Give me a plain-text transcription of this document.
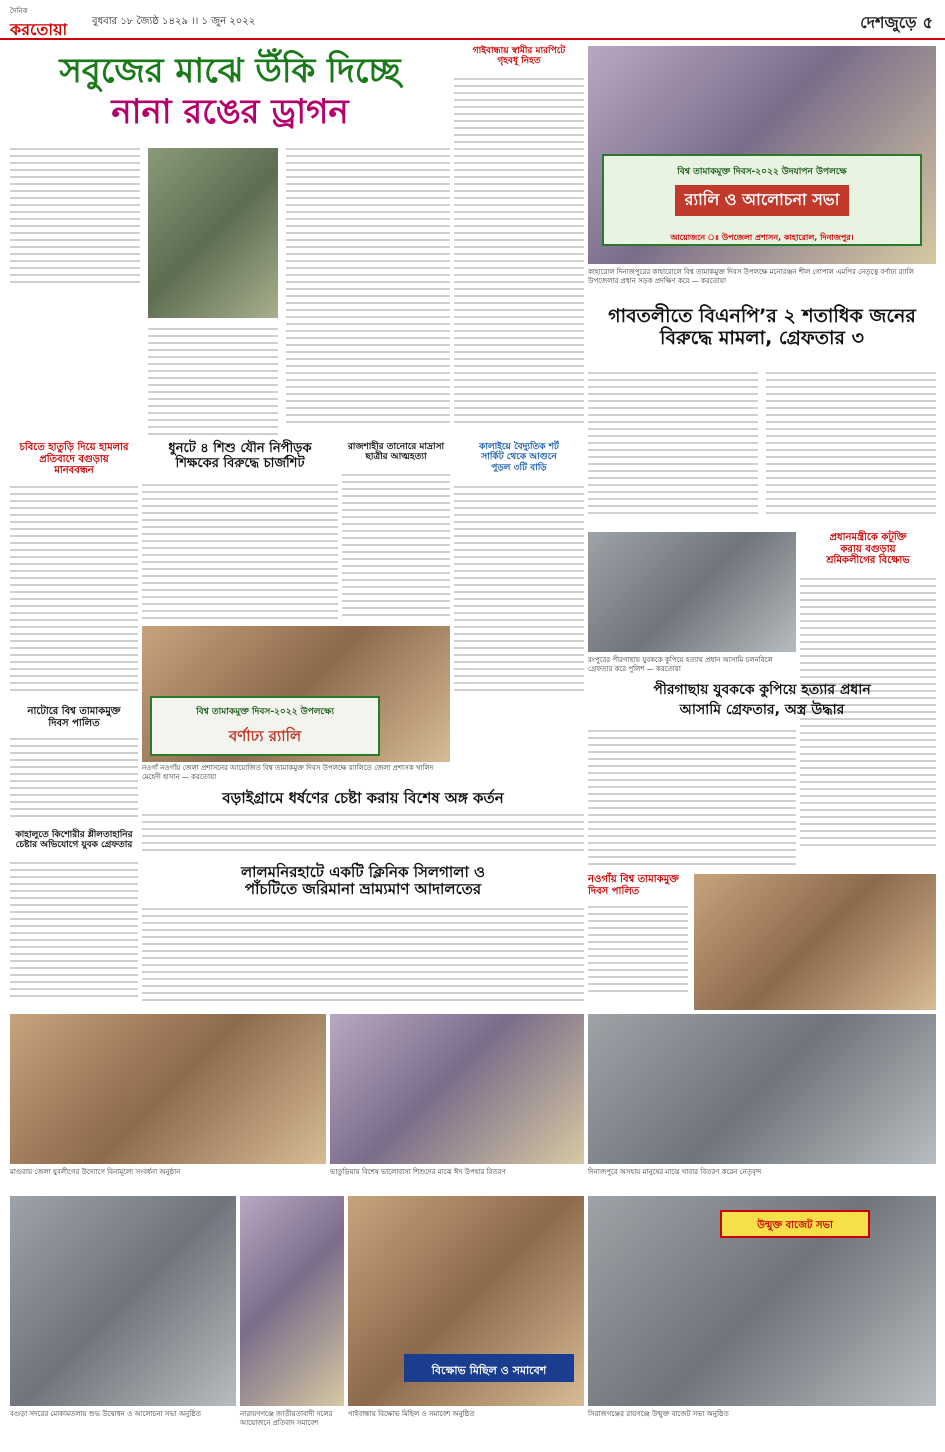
দৈনিক
করতোয়া	বুধবার ১৮ জ্যৈষ্ঠ ১৪২৯ ।। ১ জুন ২০২২	দেশজুড়ে ৫
সবুজের মাঝে উঁকি দিচ্ছে
নানা রঙের ড্রাগন
চবিতে হাতুড়ি দিয়ে হামলার
প্রতিবাদে বগুড়ায়
মানববন্ধন
ধুনটে ৪ শিশু যৌন নিপীড়ক
শিক্ষকের বিরুদ্ধে চার্জশিট
রাজশাহীর তানোরে মাদ্রাসা
ছাত্রীর আত্মহত্যা
গাইবান্ধায় স্বামীর মারপিটে
গৃহবধূ নিহত
কালাইয়ে বৈদ্যুতিক শর্ট
সার্কিট থেকে আগুনে
পুড়ল ৩টি বাড়ি
বিশ্ব তামাকমুক্ত দিবস-২০২২ উদযাপন উপলক্ষে
র‍্যালি ও আলোচনা সভা
আয়োজনে ঃ উপজেলা প্রশাসন, কাহারোল, দিনাজপুর।
কাহারোল দিনাজপুরের কাহারোলে বিশ্ব তামাকমুক্ত দিবস উপলক্ষে মনোরঞ্জন শীল গোপাল এমপির নেতৃত্বে বর্ণাঢ্য র‍্যালি উপজেলার প্রধান সড়ক প্রদক্ষিণ করে — করতোয়া
গাবতলীতে বিএনপি’র ২ শতাধিক জনের
বিরুদ্ধে মামলা, গ্রেফতার ৩
প্রধানমন্ত্রীকে কটূক্তি
করায় বগুড়ায়
শ্রমিকলীগের বিক্ষোভ
রংপুরের পীরগাছায় যুবককে কুপিয়ে হত্যায় প্রধান আসামি চলনবিলে গ্রেফতার করে পুলিশ — করতোয়া
পীরগাছায় যুবককে কুপিয়ে হত্যার প্রধান
আসামি গ্রেফতার, অস্ত্র উদ্ধার
নাটোরে বিশ্ব তামাকমুক্ত
দিবস পালিত
কাহালুতে কিশোরীর শ্লীলতাহানির
চেষ্টার অভিযোগে যুবক গ্রেফতার
বিশ্ব তামাকমুক্ত দিবস-২০২২ উপলক্ষ্যে
বর্ণাঢ্য র‍্যালি
নওগাঁ নওগাঁয় জেলা প্রশাসনের আয়োজিত বিশ্ব তামাকমুক্ত দিবস উপলক্ষে র‍্যালিতে জেলা প্রশাসক খালিদ মেহেদী হাসান — করতোয়া
বড়াইগ্রামে ধর্ষণের চেষ্টা করায় বিশেষ অঙ্গ কর্তন
লালমনিরহাটে একটি ক্লিনিক সিলগালা ও
পাঁচটিতে জরিমানা ভ্রাম্যমাণ আদালতের
নওগাঁয় বিশ্ব তামাকমুক্ত
দিবস পালিত
মাগুরায় জেলা যুবলীগের উদ্যোগে বিনামূল্যে সংবর্ধনা অনুষ্ঠান	ভাতুড়িয়ায় বিশেষ ভালোবাসা শিশুদের মাঝে ঈদ উপহার বিতরণ	দিনাজপুরে অসহায় মানুষের মাঝে খাবার বিতরণ করেন নেতৃবৃন্দ
বগুড়া সদরের মোকামতলায় শুভ উদ্বোধন ও আলোচনা সভা অনুষ্ঠিত	নারায়ণগঞ্জে জাতীয়তাবাদী দলের আয়োজনে প্রতিবাদ সমাবেশ
বিক্ষোভ মিছিল ও সমাবেশ
গাইবান্ধায় বিক্ষোভ মিছিল ও সমাবেশ অনুষ্ঠিত
উন্মুক্ত বাজেট সভা
সিরাজগঞ্জের রায়গঞ্জে উন্মুক্ত বাজেট সভা অনুষ্ঠিত
